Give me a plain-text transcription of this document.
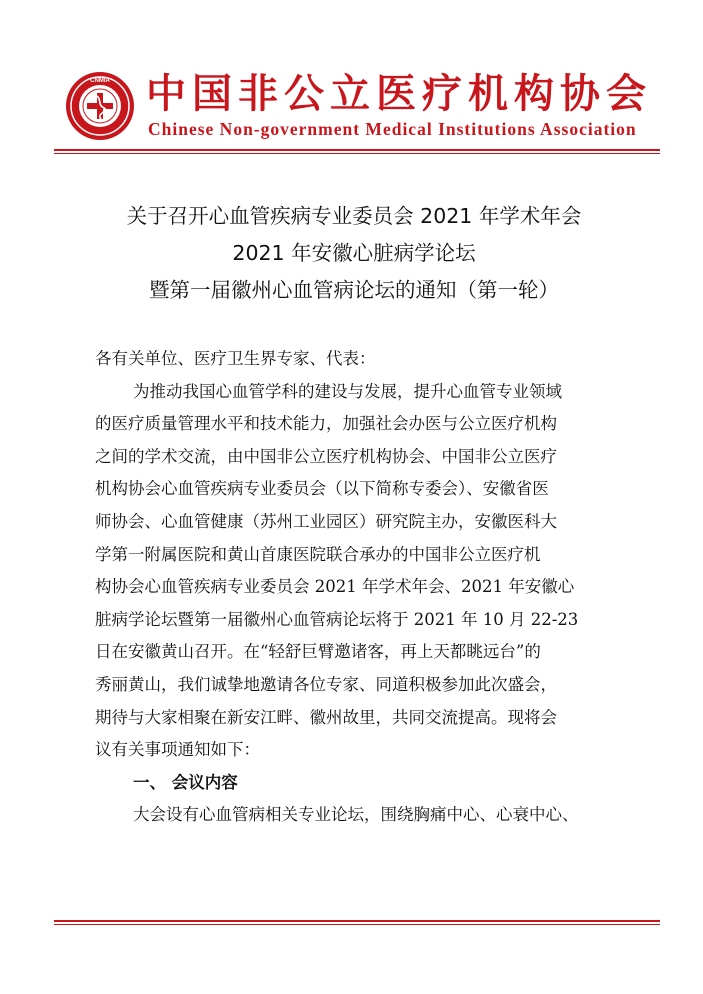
CNMIA 中国非公立医疗机构协会
Chinese Non-government Medical Institutions Association
关于召开心血管疾病专业委员会 2021 年学术年会
2021 年安徽心脏病学论坛
暨第一届徽州心血管病论坛的通知（第一轮）
各有关单位、医疗卫生界专家、代表：
为推动我国心血管学科的建设与发展，提升心血管专业领域
的医疗质量管理水平和技术能力，加强社会办医与公立医疗机构
之间的学术交流，由中国非公立医疗机构协会、中国非公立医疗
机构协会心血管疾病专业委员会（以下简称专委会）、安徽省医
师协会、心血管健康（苏州工业园区）研究院主办，安徽医科大
学第一附属医院和黄山首康医院联合承办的中国非公立医疗机
构协会心血管疾病专业委员会 2021 年学术年会、2021 年安徽心
脏病学论坛暨第一届徽州心血管病论坛将于 2021 年 10 月 22-23
日在安徽黄山召开。在“轻舒巨臂邀诸客，再上天都眺远台”的
秀丽黄山，我们诚挚地邀请各位专家、同道积极参加此次盛会，
期待与大家相聚在新安江畔、徽州故里，共同交流提高。现将会
议有关事项通知如下：
一、 会议内容
大会设有心血管病相关专业论坛，围绕胸痛中心、心衰中心、
